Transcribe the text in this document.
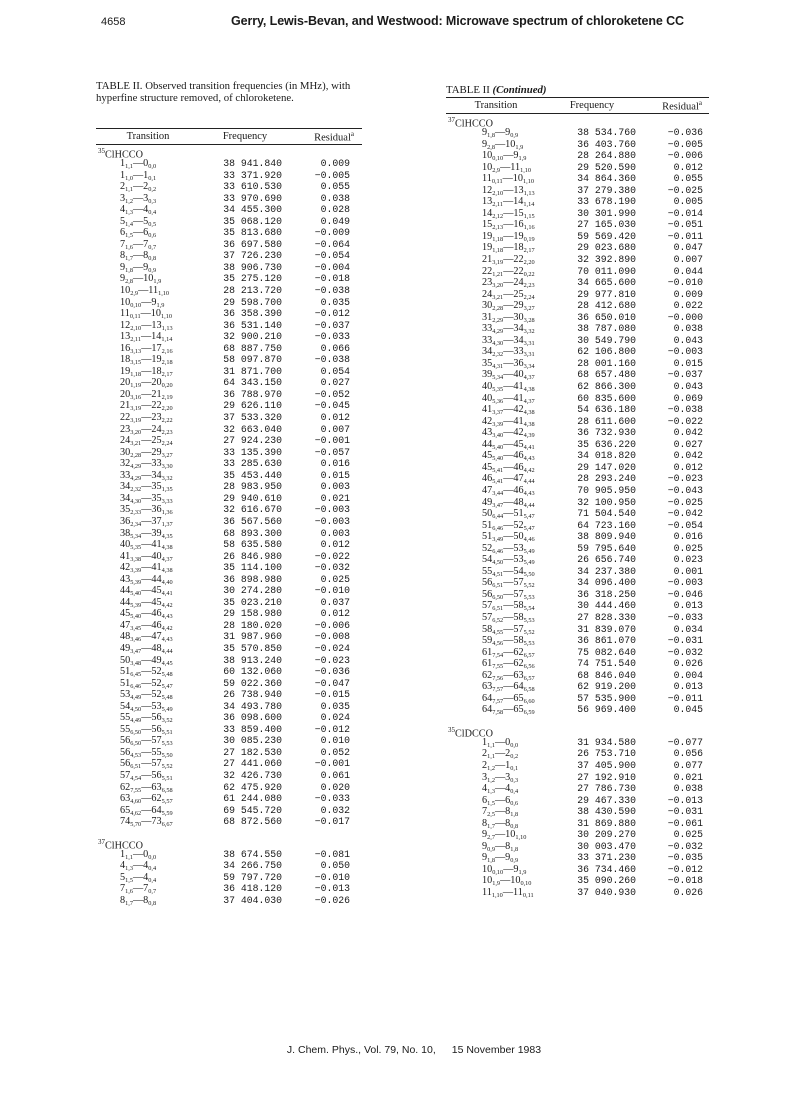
4658	Gerry, Lewis-Bevan, and Westwood: Microwave spectrum of chloroketene CC
TABLE II. Observed transition frequencies (in MHz), with hyperfine structure removed, of chloroketene.
Transition	Frequency	Residual$^a$
$^{35}$ClHCCO
$1_{1,1}—0_{0,0}$	38 941.840	0.009
$1_{1,0}—1_{0,1}$	33 371.920	−0.005
$2_{1,1}—2_{0,2}$	33 610.530	0.055
$3_{1,2}—3_{0,3}$	33 970.690	0.038
$4_{1,3}—4_{0,4}$	34 455.300	0.028
$5_{1,4}—5_{0,5}$	35 068.120	0.049
$6_{1,5}—6_{0,6}$	35 813.680	−0.009
$7_{1,6}—7_{0,7}$	36 697.580	−0.064
$8_{1,7}—8_{0,8}$	37 726.230	−0.054
$9_{1,8}—9_{0,9}$	38 906.730	−0.004
$9_{2,8}—10_{1,9}$	35 275.120	−0.018
$10_{2,9}—11_{1,10}$	28 213.720	−0.038
$10_{0,10}—9_{1,9}$	29 598.700	0.035
$11_{0,11}—10_{1,10}$	36 358.390	−0.012
$12_{2,10}—13_{1,13}$	36 531.140	−0.037
$13_{2,11}—14_{1,14}$	32 900.210	−0.033
$16_{3,13}—17_{2,16}$	68 887.750	0.066
$18_{3,15}—19_{2,18}$	58 097.870	−0.038
$19_{1,18}—18_{2,17}$	31 871.700	0.054
$20_{1,19}—20_{0,20}$	64 343.150	0.027
$20_{3,16}—21_{2,19}$	36 788.970	−0.052
$21_{3,19}—22_{2,20}$	29 626.110	−0.045
$22_{3,19}—23_{2,22}$	37 533.320	0.012
$23_{3,20}—24_{2,23}$	32 663.040	0.007
$24_{3,21}—25_{2,24}$	27 924.230	−0.001
$30_{2,28}—29_{3,27}$	33 135.390	−0.057
$32_{4,29}—33_{3,30}$	33 285.630	0.016
$33_{4,29}—34_{3,32}$	35 453.440	0.015
$34_{2,32}—35_{1,35}$	28 983.950	0.003
$34_{4,30}—35_{3,33}$	29 940.610	0.021
$35_{2,33}—36_{1,36}$	32 616.670	−0.003
$36_{2,34}—37_{1,37}$	36 567.560	−0.003
$38_{5,34}—39_{4,35}$	68 893.300	0.003
$40_{5,35}—41_{4,38}$	58 635.580	0.012
$41_{3,38}—40_{4,37}$	26 846.980	−0.022
$42_{3,39}—41_{4,38}$	35 114.100	−0.032
$43_{5,39}—44_{4,40}$	36 898.980	0.025
$44_{5,40}—45_{4,41}$	30 274.280	−0.010
$44_{5,39}—45_{4,42}$	35 023.210	0.037
$45_{5,40}—46_{4,43}$	29 158.980	0.012
$47_{3,45}—46_{4,42}$	28 180.020	−0.006
$48_{3,46}—47_{4,43}$	31 987.960	−0.008
$49_{3,47}—48_{4,44}$	35 570.850	−0.024
$50_{3,48}—49_{4,45}$	38 913.240	−0.023
$51_{6,45}—52_{5,48}$	60 132.060	−0.036
$51_{6,46}—52_{5,47}$	59 022.360	−0.047
$53_{4,49}—52_{5,48}$	26 738.940	−0.015
$54_{4,50}—53_{5,49}$	34 493.780	0.035
$55_{4,49}—56_{3,52}$	36 098.600	0.024
$55_{6,50}—56_{5,51}$	33 859.400	−0.012
$56_{6,50}—57_{5,53}$	30 085.230	0.010
$56_{4,53}—55_{5,50}$	27 182.530	0.052
$56_{6,51}—57_{5,52}$	27 441.060	−0.001
$57_{4,54}—56_{5,51}$	32 426.730	0.061
$62_{7,55}—63_{6,58}$	62 475.920	0.020
$63_{4,60}—62_{5,57}$	61 244.080	−0.033
$65_{4,62}—64_{5,59}$	69 545.720	0.032
$74_{5,70}—73_{6,67}$	68 872.560	−0.017
$^{37}$ClHCCO
$1_{1,1}—0_{0,0}$	38 674.550	−0.081
$4_{1,3}—4_{0,4}$	34 266.750	0.050
$5_{1,5}—4_{0,4}$	59 797.720	−0.010
$7_{1,6}—7_{0,7}$	36 418.120	−0.013
$8_{1,7}—8_{0,8}$	37 404.030	−0.026
TABLE II (Continued)
Transition	Frequency	Residual$^a$
$^{37}$ClHCCO
$9_{1,8}—9_{0,9}$	38 534.760	−0.036
$9_{2,8}—10_{1,9}$	36 403.760	−0.005
$10_{0,10}—9_{1,9}$	28 264.880	−0.006
$10_{2,9}—11_{1,10}$	29 520.590	0.012
$11_{0,11}—10_{1,10}$	34 864.360	0.055
$12_{2,10}—13_{1,13}$	37 279.380	−0.025
$13_{2,11}—14_{1,14}$	33 678.190	0.005
$14_{2,12}—15_{1,15}$	30 301.990	−0.014
$15_{2,13}—16_{1,16}$	27 165.030	−0.051
$19_{1,18}—19_{0,19}$	59 569.420	−0.011
$19_{1,18}—18_{2,17}$	29 023.680	0.047
$21_{3,19}—22_{2,20}$	32 392.890	0.007
$22_{1,21}—22_{0,22}$	70 011.090	0.044
$23_{3,20}—24_{2,23}$	34 665.600	−0.010
$24_{3,21}—25_{2,24}$	29 977.810	0.009
$30_{2,28}—29_{3,27}$	28 412.680	0.022
$31_{2,29}—30_{3,28}$	36 650.010	−0.000
$33_{4,29}—34_{3,32}$	38 787.080	0.038
$33_{4,30}—34_{3,31}$	30 549.790	0.043
$34_{2,32}—33_{3,31}$	62 106.800	−0.003
$35_{4,31}—36_{3,34}$	28 001.160	0.015
$39_{5,34}—40_{4,37}$	68 657.480	−0.037
$40_{5,35}—41_{4,38}$	62 866.300	0.043
$40_{5,36}—41_{4,37}$	60 835.600	0.069
$41_{3,37}—42_{4,38}$	54 636.180	−0.038
$42_{3,39}—41_{4,38}$	28 611.600	−0.022
$43_{3,40}—42_{4,39}$	36 732.930	0.042
$44_{5,40}—45_{4,41}$	35 636.220	0.027
$45_{5,40}—46_{4,43}$	34 018.820	0.042
$45_{5,41}—46_{4,42}$	29 147.020	0.012
$46_{5,41}—47_{4,44}$	28 293.240	−0.023
$47_{3,44}—46_{4,43}$	70 905.950	−0.043
$49_{3,47}—48_{4,44}$	32 100.950	−0.025
$50_{6,44}—51_{5,47}$	71 504.540	−0.042
$51_{6,46}—52_{5,47}$	64 723.160	−0.054
$51_{3,49}—50_{4,46}$	38 809.940	0.016
$52_{6,46}—53_{5,49}$	59 795.640	0.025
$54_{4,50}—53_{5,49}$	26 656.740	0.023
$55_{4,51}—54_{5,50}$	34 237.380	0.001
$56_{6,51}—57_{5,52}$	34 096.400	−0.003
$56_{6,50}—57_{5,53}$	36 318.250	−0.046
$57_{6,51}—58_{5,54}$	30 444.460	0.013
$57_{6,52}—58_{5,53}$	27 828.330	−0.033
$58_{4,55}—57_{5,52}$	31 839.070	0.034
$59_{4,56}—58_{5,53}$	36 861.070	−0.031
$61_{7,54}—62_{6,57}$	75 082.640	−0.032
$61_{7,55}—62_{6,56}$	74 751.540	0.026
$62_{7,56}—63_{6,57}$	68 846.040	0.004
$63_{7,57}—64_{6,58}$	62 919.200	0.013
$64_{7,57}—65_{6,60}$	57 535.900	−0.011
$64_{7,58}—65_{6,59}$	56 969.400	0.045
$^{35}$ClDCCO
$1_{1,1}—0_{0,0}$	31 934.580	−0.077
$2_{1,1}—2_{0,2}$	26 753.710	0.056
$2_{1,2}—1_{0,1}$	37 405.900	0.077
$3_{1,2}—3_{0,3}$	27 192.910	0.021
$4_{1,3}—4_{0,4}$	27 786.730	0.038
$6_{1,5}—6_{0,6}$	29 467.330	−0.013
$7_{2,5}—8_{1,8}$	38 430.590	−0.031
$8_{1,7}—8_{0,8}$	31 869.880	−0.061
$9_{2,7}—10_{1,10}$	30 209.270	0.025
$9_{0,9}—8_{1,8}$	30 003.470	−0.032
$9_{1,8}—9_{0,9}$	33 371.230	−0.035
$10_{0,10}—9_{1,9}$	36 734.460	−0.012
$10_{1,9}—10_{0,10}$	35 090.260	−0.018
$11_{1,10}—11_{0,11}$	37 040.930	0.026
J. Chem. Phys., Vol. 79, No. 10, 15 November 1983
